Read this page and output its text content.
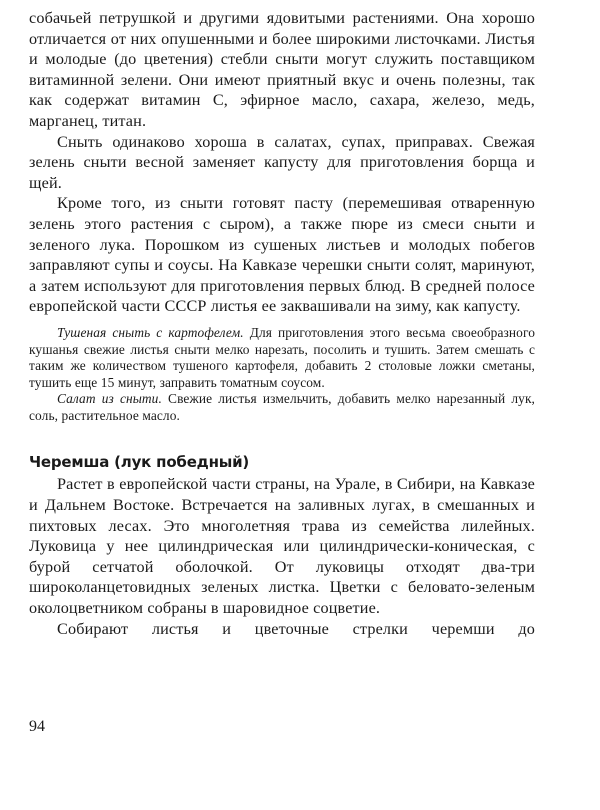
собачьей петрушкой и другими ядовитыми растениями. Она хорошо отличается от них опушенными и более широкими листочками. Листья и молодые (до цветения) стебли сныти могут служить поставщиком витаминной зелени. Они имеют приятный вкус и очень полезны, так как содержат витамин С, эфирное масло, сахара, железо, медь, марганец, титан.

Сныть одинаково хороша в салатах, супах, приправах. Свежая зелень сныти весной заменяет капусту для приготовления борща и щей.

Кроме того, из сныти готовят пасту (перемешивая отваренную зелень этого растения с сыром), а также пюре из смеси сныти и зеленого лука. Порошком из сушеных листьев и молодых побегов заправляют супы и соусы. На Кавказе черешки сныти солят, маринуют, а затем используют для приготовления первых блюд. В средней полосе европейской части СССР листья ее заквашивали на зиму, как капусту.

Тушеная сныть с картофелем. Для приготовления этого весьма своеобразного кушанья свежие листья сныти мелко нарезать, посолить и тушить. Затем смешать с таким же количеством тушеного картофеля, добавить 2 столовые ложки сметаны, тушить еще 15 минут, заправить томатным соусом.

Салат из сныти. Свежие листья измельчить, добавить мелко нарезанный лук, соль, растительное масло.

Черемша (лук победный)

Растет в европейской части страны, на Урале, в Сибири, на Кавказе и Дальнем Востоке. Встречается на заливных лугах, в смешанных и пихтовых лесах. Это многолетняя трава из семейства лилейных. Луковица у нее цилиндрическая или цилиндрически-коническая, с бурой сетчатой оболочкой. От луковицы отходят два-три широколанцетовидных зеленых листка. Цветки с беловато-зеленым околоцветником собраны в шаровидное соцветие.

Собирают листья и цветочные стрелки черемши до

94
